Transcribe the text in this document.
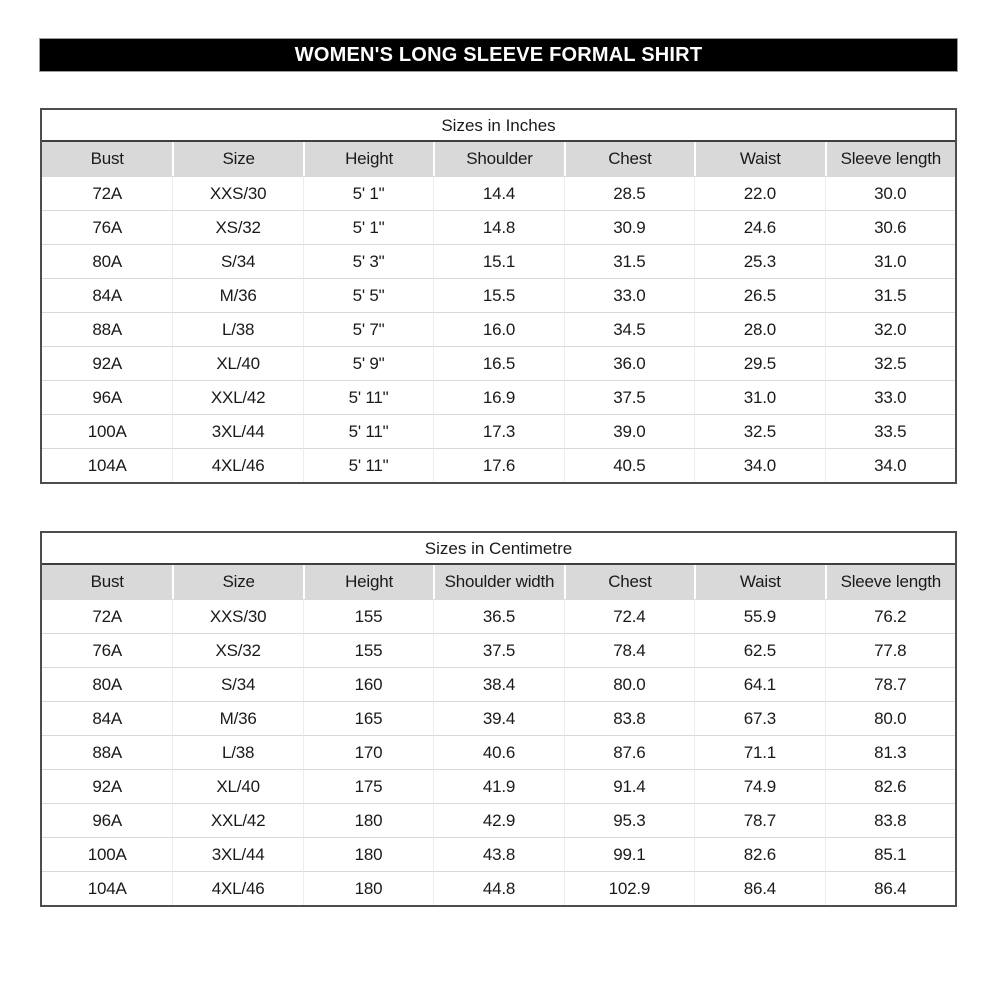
WOMEN'S LONG SLEEVE FORMAL SHIRT
Sizes in Inches
Bust	Size	Height	Shoulder	Chest	Waist	Sleeve length
72A	XXS/30	5' 1"	14.4	28.5	22.0	30.0
76A	XS/32	5' 1"	14.8	30.9	24.6	30.6
80A	S/34	5' 3"	15.1	31.5	25.3	31.0
84A	M/36	5' 5"	15.5	33.0	26.5	31.5
88A	L/38	5' 7"	16.0	34.5	28.0	32.0
92A	XL/40	5' 9"	16.5	36.0	29.5	32.5
96A	XXL/42	5' 11"	16.9	37.5	31.0	33.0
100A	3XL/44	5' 11"	17.3	39.0	32.5	33.5
104A	4XL/46	5' 11"	17.6	40.5	34.0	34.0
Sizes in Centimetre
Bust	Size	Height	Shoulder width	Chest	Waist	Sleeve length
72A	XXS/30	155	36.5	72.4	55.9	76.2
76A	XS/32	155	37.5	78.4	62.5	77.8
80A	S/34	160	38.4	80.0	64.1	78.7
84A	M/36	165	39.4	83.8	67.3	80.0
88A	L/38	170	40.6	87.6	71.1	81.3
92A	XL/40	175	41.9	91.4	74.9	82.6
96A	XXL/42	180	42.9	95.3	78.7	83.8
100A	3XL/44	180	43.8	99.1	82.6	85.1
104A	4XL/46	180	44.8	102.9	86.4	86.4
